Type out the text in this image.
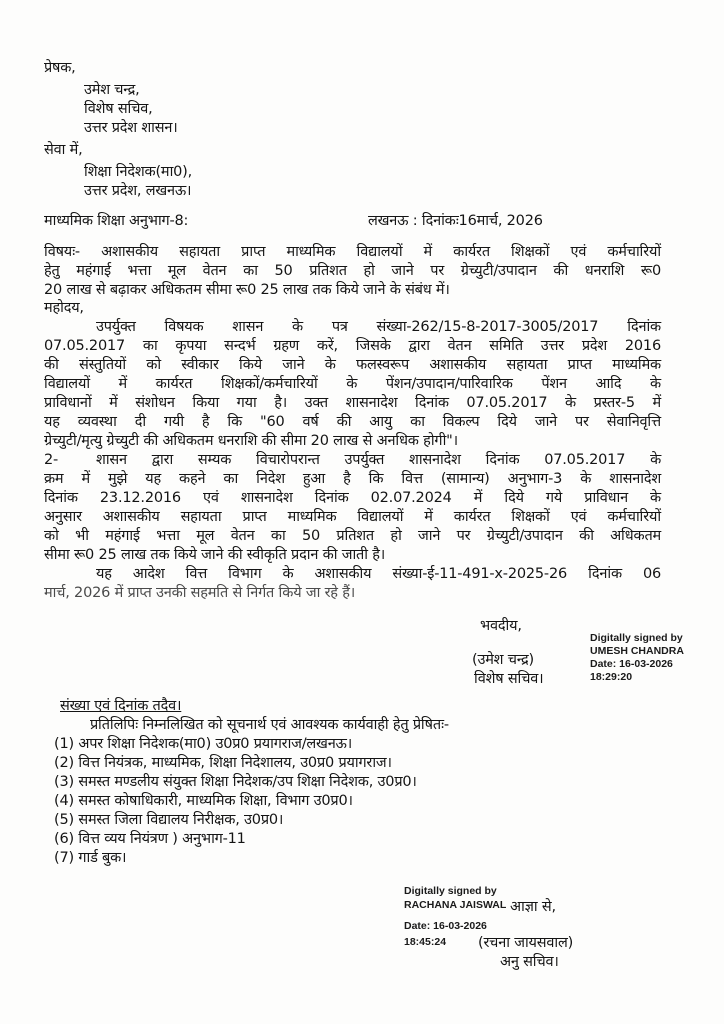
प्रेषक,
उमेश चन्द्र,
विशेष सचिव,
उत्तर प्रदेश शासन।
सेवा में,
शिक्षा निदेशक(मा0),
उत्तर प्रदेश, लखनऊ।
माध्यमिक शिक्षा अनुभाग-8:	लखनऊ : दिनांकः16मार्च, 2026
विषयः- अशासकीय सहायता प्राप्त माध्यमिक विद्यालयों में कार्यरत शिक्षकों एवं कर्मचारियों
हेतु महंगाई भत्ता मूल वेतन का 50 प्रतिशत हो जाने पर ग्रेच्युटी/उपादान की धनराशि रू0
20 लाख से बढ़ाकर अधिकतम सीमा रू0 25 लाख तक किये जाने के संबंध में।
महोदय,
उपर्युक्त विषयक शासन के पत्र संख्या-262/15-8-2017-3005/2017 दिनांक
07.05.2017 का कृपया सन्दर्भ ग्रहण करें, जिसके द्वारा वेतन समिति उत्तर प्रदेश 2016
की संस्तुतियों को स्वीकार किये जाने के फलस्वरूप अशासकीय सहायता प्राप्त माध्यमिक
विद्यालयों में कार्यरत शिक्षकों/कर्मचारियों के पेंशन/उपादान/पारिवारिक पेंशन आदि के
प्राविधानों में संशोधन किया गया है। उक्त शासनादेश दिनांक 07.05.2017 के प्रस्तर-5 में
यह व्यवस्था दी गयी है कि "60 वर्ष की आयु का विकल्प दिये जाने पर सेवानिवृत्ति
ग्रेच्युटी/मृत्यु ग्रेच्युटी की अधिकतम धनराशि की सीमा 20 लाख से अनधिक होगी"।
2-	शासन द्वारा सम्यक विचारोपरान्त उपर्युक्त शासनादेश दिनांक 07.05.2017 के
क्रम में मुझे यह कहने का निदेश हुआ है कि वित्त (सामान्य) अनुभाग-3 के शासनादेश
दिनांक 23.12.2016 एवं शासनादेश दिनांक 02.07.2024 में दिये गये प्राविधान के
अनुसार अशासकीय सहायता प्राप्त माध्यमिक विद्यालयों में कार्यरत शिक्षकों एवं कर्मचारियों
को भी महंगाई भत्ता मूल वेतन का 50 प्रतिशत हो जाने पर ग्रेच्युटी/उपादान की अधिकतम
सीमा रू0 25 लाख तक किये जाने की स्वीकृति प्रदान की जाती है।
यह आदेश वित्त विभाग के अशासकीय संख्या-ई-11-491-x-2025-26 दिनांक 06
मार्च, 2026 में प्राप्त उनकी सहमति से निर्गत किये जा रहे हैं।
भवदीय,
(उमेश चन्द्र)
विशेष सचिव।
Digitally signed by
UMESH CHANDRA
Date: 16-03-2026
18:29:20
संख्या एवं दिनांक तदैव।
प्रतिलिपिः निम्नलिखित को सूचनार्थ एवं आवश्यक कार्यवाही हेतु प्रेषितः-
(1) अपर शिक्षा निदेशक(मा0) उ0प्र0 प्रयागराज/लखनऊ।
(2) वित्त नियंत्रक, माध्यमिक, शिक्षा निदेशालय, उ0प्र0 प्रयागराज।
(3) समस्त मण्डलीय संयुक्त शिक्षा निदेशक/उप शिक्षा निदेशक, उ0प्र0।
(4) समस्त कोषाधिकारी, माध्यमिक शिक्षा, विभाग उ0प्र0।
(5) समस्त जिला विद्यालय निरीक्षक, उ0प्र0।
(6) वित्त व्यय नियंत्रण ) अनुभाग-11
(7) गार्ड बुक।
Digitally signed by
RACHANA JAISWAL
Date: 16-03-2026
18:45:24
आज्ञा से,
(रचना जायसवाल)
अनु सचिव।
